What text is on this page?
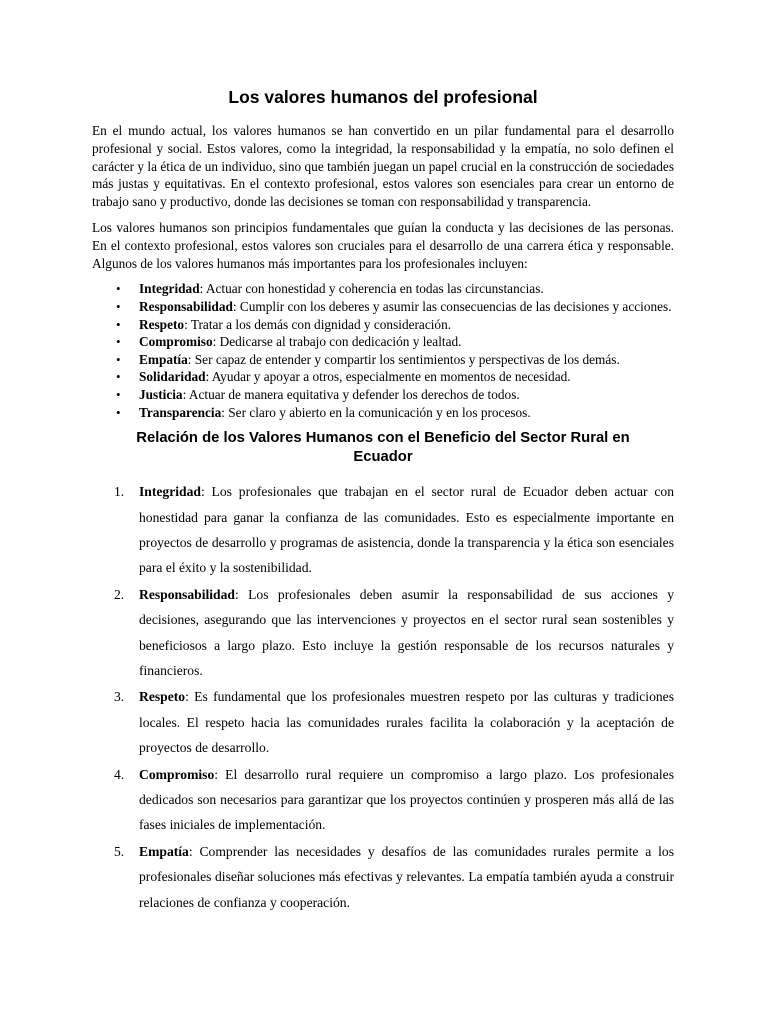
Los valores humanos del profesional

En el mundo actual, los valores humanos se han convertido en un pilar fundamental para el desarrollo profesional y social. Estos valores, como la integridad, la responsabilidad y la empatía, no solo definen el carácter y la ética de un individuo, sino que también juegan un papel crucial en la construcción de sociedades más justas y equitativas. En el contexto profesional, estos valores son esenciales para crear un entorno de trabajo sano y productivo, donde las decisiones se toman con responsabilidad y transparencia.

Los valores humanos son principios fundamentales que guían la conducta y las decisiones de las personas. En el contexto profesional, estos valores son cruciales para el desarrollo de una carrera ética y responsable. Algunos de los valores humanos más importantes para los profesionales incluyen:

• Integridad: Actuar con honestidad y coherencia en todas las circunstancias.
• Responsabilidad: Cumplir con los deberes y asumir las consecuencias de las decisiones y acciones.
• Respeto: Tratar a los demás con dignidad y consideración.
• Compromiso: Dedicarse al trabajo con dedicación y lealtad.
• Empatía: Ser capaz de entender y compartir los sentimientos y perspectivas de los demás.
• Solidaridad: Ayudar y apoyar a otros, especialmente en momentos de necesidad.
• Justicia: Actuar de manera equitativa y defender los derechos de todos.
• Transparencia: Ser claro y abierto en la comunicación y en los procesos.
Relación de los Valores Humanos con el Beneficio del Sector Rural en Ecuador
1. Integridad: Los profesionales que trabajan en el sector rural de Ecuador deben actuar con honestidad para ganar la confianza de las comunidades. Esto es especialmente importante en proyectos de desarrollo y programas de asistencia, donde la transparencia y la ética son esenciales para el éxito y la sostenibilidad.
2. Responsabilidad: Los profesionales deben asumir la responsabilidad de sus acciones y decisiones, asegurando que las intervenciones y proyectos en el sector rural sean sostenibles y beneficiosos a largo plazo. Esto incluye la gestión responsable de los recursos naturales y financieros.
3. Respeto: Es fundamental que los profesionales muestren respeto por las culturas y tradiciones locales. El respeto hacia las comunidades rurales facilita la colaboración y la aceptación de proyectos de desarrollo.
4. Compromiso: El desarrollo rural requiere un compromiso a largo plazo. Los profesionales dedicados son necesarios para garantizar que los proyectos continúen y prosperen más allá de las fases iniciales de implementación.
5. Empatía: Comprender las necesidades y desafíos de las comunidades rurales permite a los profesionales diseñar soluciones más efectivas y relevantes. La empatía también ayuda a construir relaciones de confianza y cooperación.
